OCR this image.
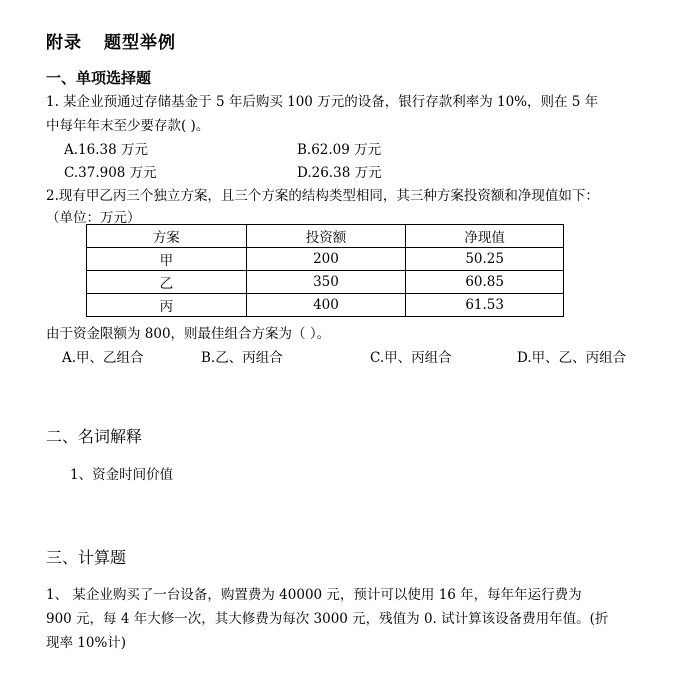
附录 题型举例
一、单项选择题
1. 某企业预通过存储基金于 5 年后购买 100 万元的设备，银行存款利率为 10%，则在 5 年
中每年年末至少要存款( )。
A.16.38 万元	B.62.09 万元
C.37.908 万元	D.26.38 万元
2.现有甲乙丙三个独立方案，且三个方案的结构类型相同，其三种方案投资额和净现值如下：
（单位：万元）
方案	投资额	净现值
甲	200	50.25
乙	350	60.85
丙	400	61.53
由于资金限额为 800，则最佳组合方案为（ ）。
A.甲、乙组合	B.乙、丙组合	C.甲、丙组合	D.甲、乙、丙组合
二、名词解释
1、资金时间价值
三、计算题
1、 某企业购买了一台设备，购置费为 40000 元，预计可以使用 16 年，每年年运行费为
900 元，每 4 年大修一次，其大修费为每次 3000 元，残值为 0. 试计算该设备费用年值。(折
现率 10%计)
